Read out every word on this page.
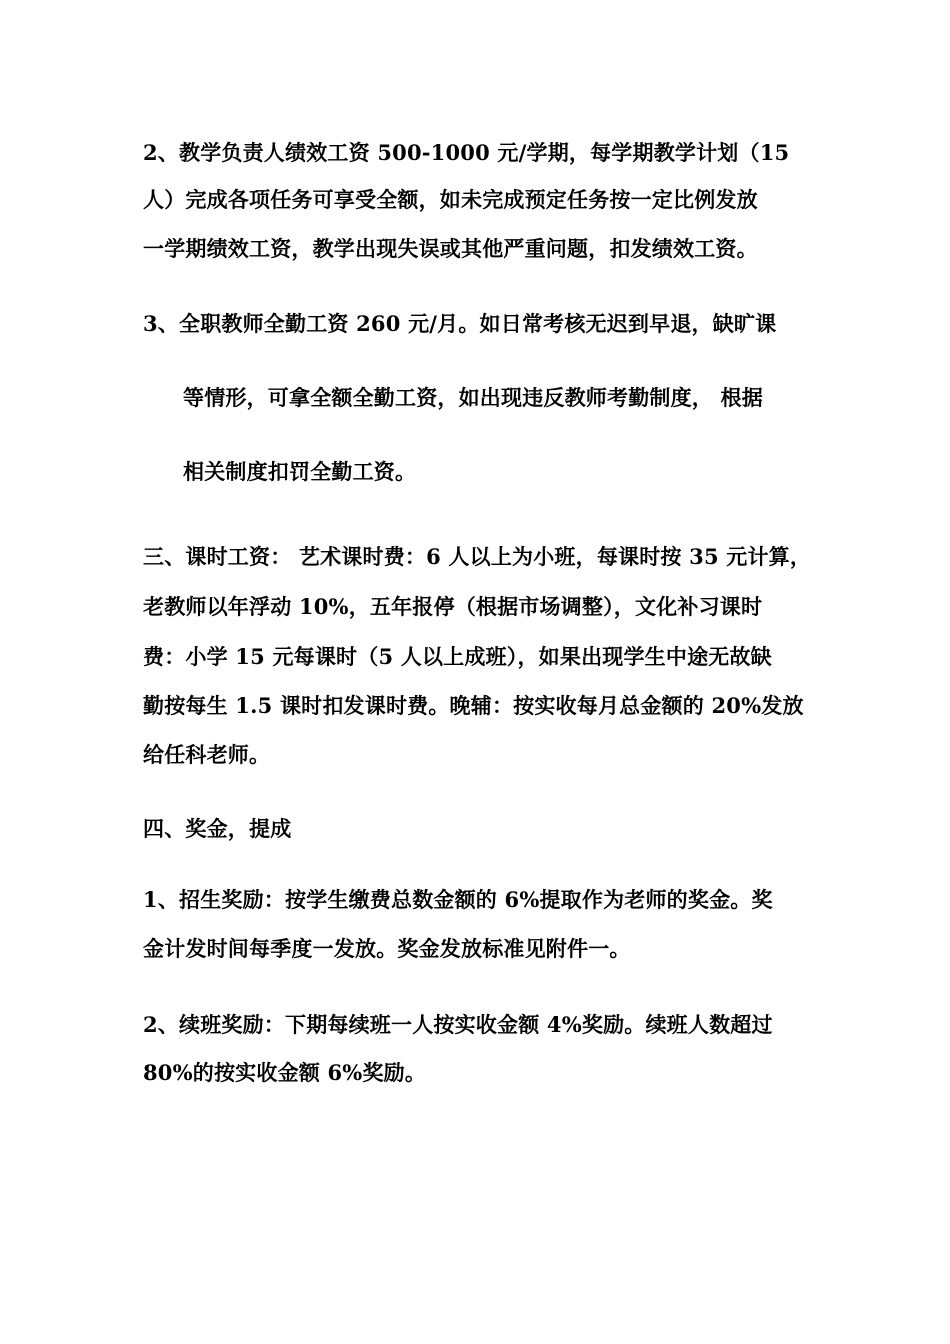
2、教学负责人绩效工资 500-1000 元/学期，每学期教学计划（15
人）完成各项任务可享受全额，如未完成预定任务按一定比例发放
一学期绩效工资，教学出现失误或其他严重问题，扣发绩效工资。
3、全职教师全勤工资 260 元/月。如日常考核无迟到早退，缺旷课
等情形，可拿全额全勤工资，如出现违反教师考勤制度， 根据
相关制度扣罚全勤工资。
三、课时工资： 艺术课时费：6 人以上为小班，每课时按 35 元计算，
老教师以年浮动 10%，五年报停（根据市场调整），文化补习课时
费：小学 15 元每课时（5 人以上成班），如果出现学生中途无故缺
勤按每生 1.5 课时扣发课时费。晚辅：按实收每月总金额的 20%发放
给任科老师。
四、奖金，提成
1、招生奖励：按学生缴费总数金额的 6%提取作为老师的奖金。奖
金计发时间每季度一发放。奖金发放标准见附件一。
2、续班奖励：下期每续班一人按实收金额 4%奖励。续班人数超过
80%的按实收金额 6%奖励。
